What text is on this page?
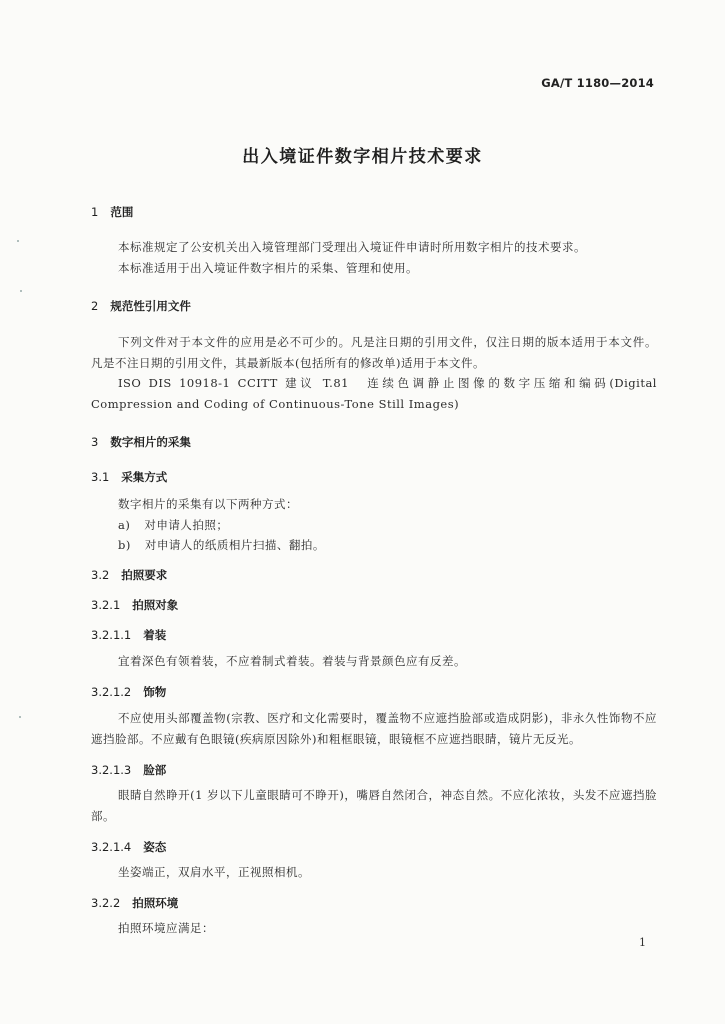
GA/T 1180—2014
出入境证件数字相片技术要求
1 范围

本标准规定了公安机关出入境管理部门受理出入境证件申请时所用数字相片的技术要求。

本标准适用于出入境证件数字相片的采集、管理和使用。

2 规范性引用文件

下列文件对于本文件的应用是必不可少的。凡是注日期的引用文件，仅注日期的版本适用于本文件。凡是不注日期的引用文件，其最新版本(包括所有的修改单)适用于本文件。

ISO DIS 10918-1 CCITT 建议 T.81　连续色调静止图像的数字压缩和编码(Digital Compression and Coding of Continuous-Tone Still Images)

3 数字相片的采集
3.1 采集方式
数字相片的采集有以下两种方式：
a) 对申请人拍照；
b) 对申请人的纸质相片扫描、翻拍。
3.2 拍照要求
3.2.1 拍照对象
3.2.1.1 着装

宜着深色有领着装，不应着制式着装。着装与背景颜色应有反差。

3.2.1.2 饰物

不应使用头部覆盖物(宗教、医疗和文化需要时，覆盖物不应遮挡脸部或造成阴影)，非永久性饰物不应遮挡脸部。不应戴有色眼镜(疾病原因除外)和粗框眼镜，眼镜框不应遮挡眼睛，镜片无反光。

3.2.1.3 脸部

眼睛自然睁开(1 岁以下儿童眼睛可不睁开)，嘴唇自然闭合，神态自然。不应化浓妆，头发不应遮挡脸部。

3.2.1.4 姿态

坐姿端正，双肩水平，正视照相机。

3.2.2 拍照环境

拍照环境应满足：

1
